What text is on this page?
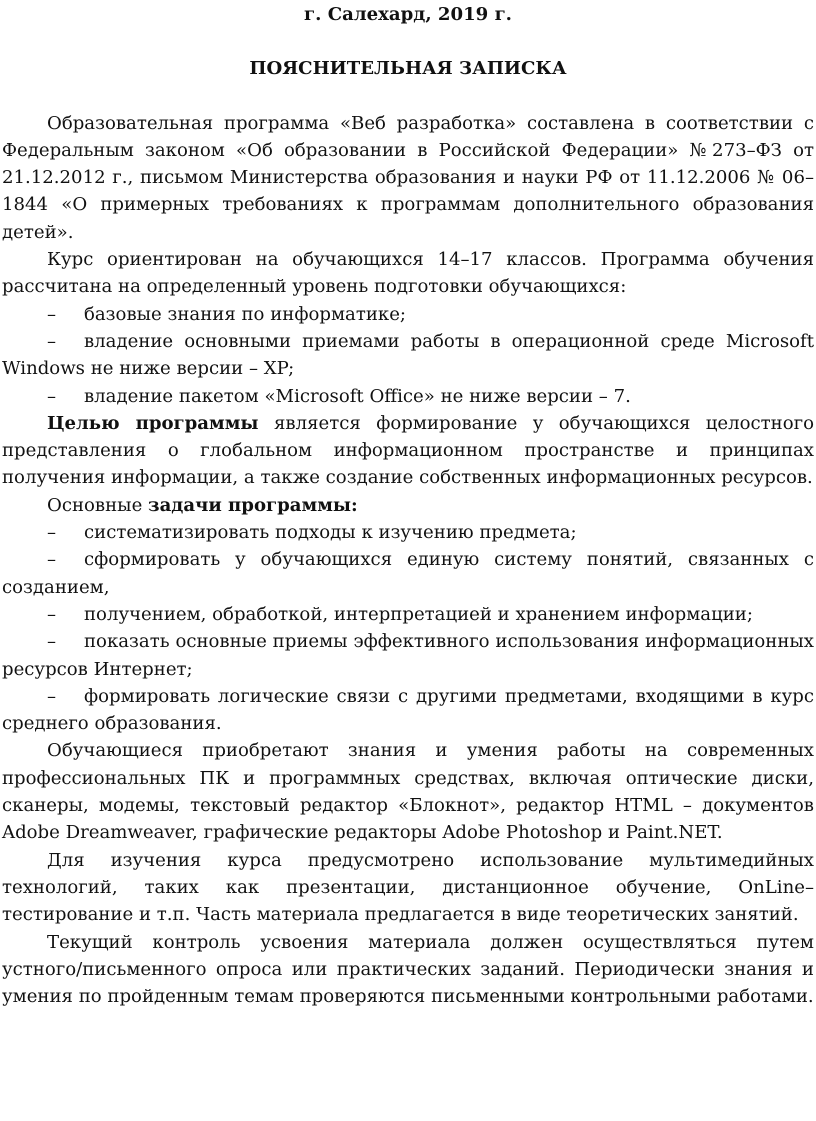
г. Салехард, 2019 г.
ПОЯСНИТЕЛЬНАЯ ЗАПИСКА

Образовательная программа «Веб разработка» составлена в соответствии с Федеральным законом «Об образовании в Российской Федерации» №273–ФЗ от 21.12.2012 г., письмом Министерства образования и науки РФ от 11.12.2006 № 06–1844 «О примерных требованиях к программам дополнительного образования детей».

Курс ориентирован на обучающихся 14–17 классов. Программа обучения рассчитана на определенный уровень подготовки обучающихся:

– базовые знания по информатике;

– владение основными приемами работы в операционной среде Microsoft Windows не ниже версии – XP;

– владение пакетом «Microsoft Office» не ниже версии – 7.

Целью программы является формирование у обучающихся целостного представления о глобальном информационном пространстве и принципах получения информации, а также создание собственных информационных ресурсов.

Основные задачи программы:

– систематизировать подходы к изучению предмета;

– сформировать у обучающихся единую систему понятий, связанных с созданием,

– получением, обработкой, интерпретацией и хранением информации;

– показать основные приемы эффективного использования информационных ресурсов Интернет;

– формировать логические связи с другими предметами, входящими в курс среднего образования.

Обучающиеся приобретают знания и умения работы на современных профессиональных ПК и программных средствах, включая оптические диски, сканеры, модемы, текстовый редактор «Блокнот», редактор HTML – документов Adobe Dreamweaver, графические редакторы Adobe Photoshop и Paint.NET.

Для изучения курса предусмотрено использование мультимедийных технологий, таких как презентации, дистанционное обучение, OnLine–тестирование и т.п. Часть материала предлагается в виде теоретических занятий.

Текущий контроль усвоения материала должен осуществляться путем устного/письменного опроса или практических заданий. Периодически знания и умения по пройденным темам проверяются письменными контрольными работами.
